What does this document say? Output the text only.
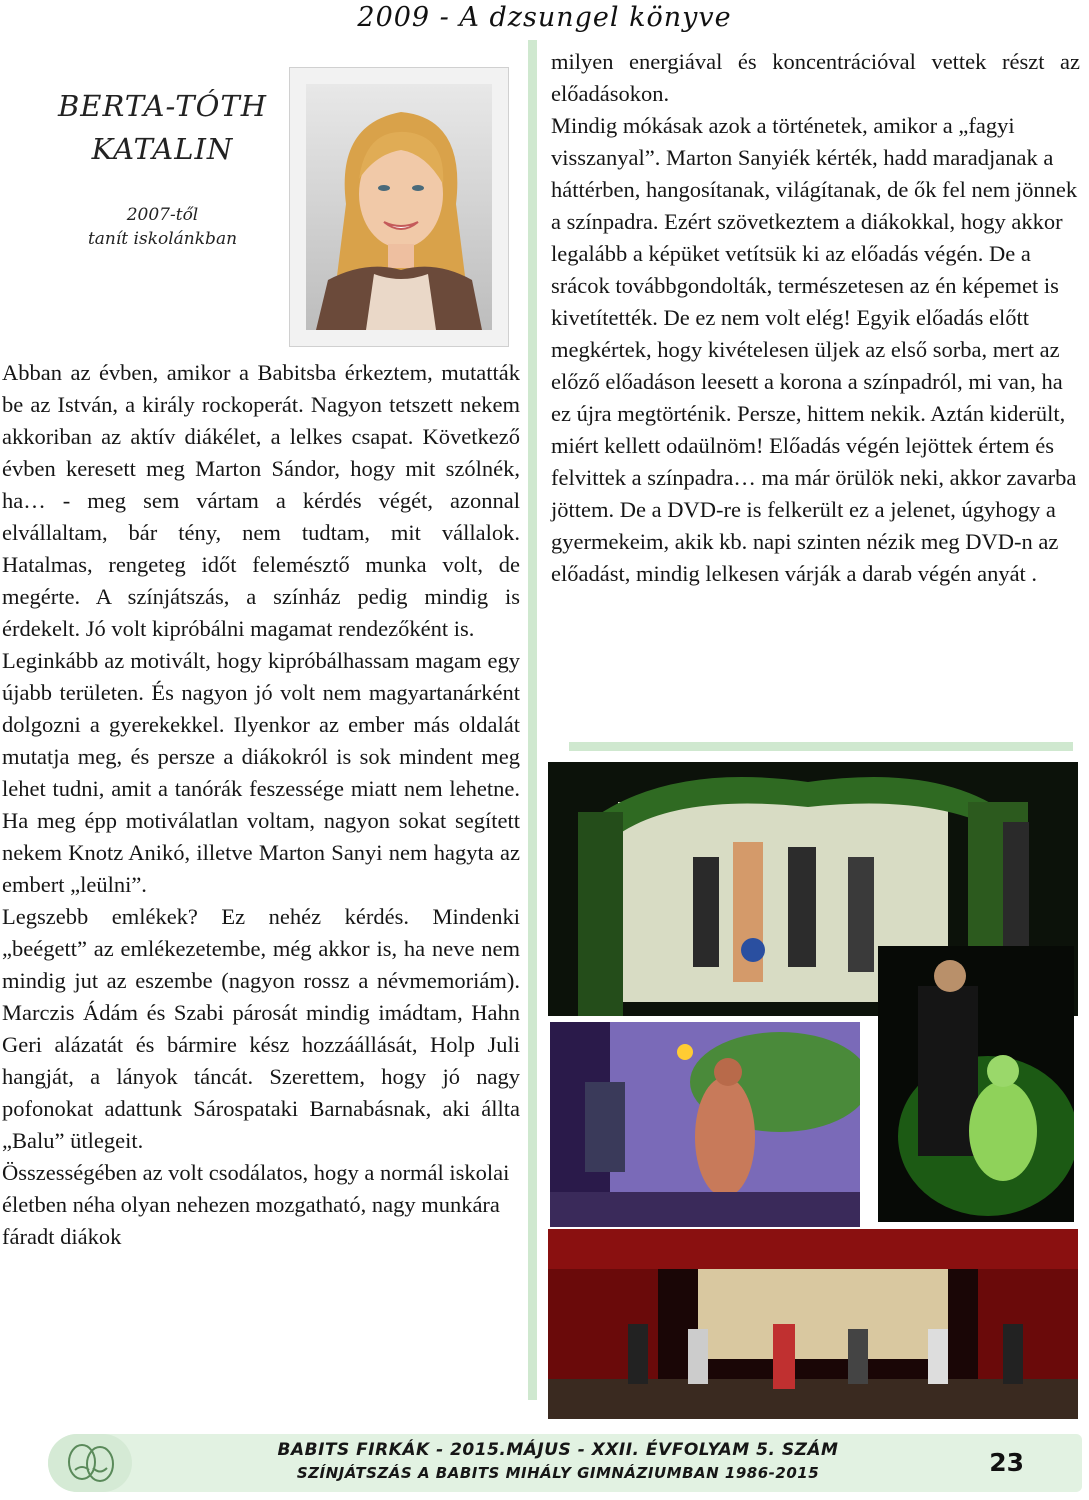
2009 - A dzsungel könyve
BERTA-TÓTH
KATALIN
2007-től
tanít iskolánkban

Abban az évben, amikor a Babitsba érkeztem, mutatták be az István, a király rockoperát. Nagyon tetszett nekem akkoriban az aktív diákélet, a lelkes csapat. Következő évben keresett meg Marton Sándor, hogy mit szólnék, ha… - meg sem vártam a kérdés végét, azonnal elvállaltam, bár tény, nem tudtam, mit vállalok. Hatalmas, rengeteg időt felemésztő munka volt, de megérte. A színjátszás, a színház pedig mindig is érdekelt. Jó volt kipróbálni magamat rendezőként is.

Leginkább az motivált, hogy kipróbálhassam magam egy újabb területen. És nagyon jó volt nem magyartanárként dolgozni a gyerekekkel. Ilyenkor az ember más oldalát mutatja meg, és persze a diákokról is sok mindent meg lehet tudni, amit a tanórák feszessége miatt nem lehetne. Ha meg épp motiválatlan voltam, nagyon sokat segített nekem Knotz Anikó, illetve Marton Sanyi nem hagyta az embert „leülni”.

Legszebb emlékek? Ez nehéz kérdés. Mindenki „beégett” az emlékezetembe, még akkor is, ha neve nem mindig jut az eszembe (nagyon rossz a névmemoriám). Marczis Ádám és Szabi párosát mindig imádtam, Hahn Geri alázatát és bármire kész hozzáállását, Holp Juli hangját, a lányok táncát. Szerettem, hogy jó nagy pofonokat adattunk Sárospataki Barnabásnak, aki állta „Balu” ütlegeit.

Összességében az volt csodálatos, hogy a normál iskolai életben néha olyan nehezen mozgatható, nagy munkára fáradt diákok

milyen energiával és koncentrációval vettek részt az előadásokon.

Mindig mókásak azok a történetek, amikor a „fagyi visszanyal”. Marton Sanyiék kérték, hadd maradjanak a háttérben, hangosítanak, világítanak, de ők fel nem jönnek a színpadra. Ezért szövetkeztem a diákokkal, hogy akkor legalább a képüket vetítsük ki az előadás végén. De a srácok továbbgondolták, természetesen az én képemet is kivetítették. De ez nem volt elég! Egyik előadás előtt megkértek, hogy kivételesen üljek az első sorba, mert az előző előadáson leesett a korona a színpadról, mi van, ha ez újra megtörténik. Persze, hittem nekik. Aztán kiderült, miért kellett odaülnöm! Előadás végén lejöttek értem és felvittek a színpadra… ma már örülök neki, akkor zavarba jöttem. De a DVD-re is felkerült ez a jelenet, úgyhogy a gyermekeim, akik kb. napi szinten nézik meg DVD-n az előadást, mindig lelkesen várják a darab végén anyát .

BABITS FIRKÁK - 2015.MÁJUS - XXII. ÉVFOLYAM 5. SZÁM
SZÍNJÁTSZÁS A BABITS MIHÁLY GIMNÁZIUMBAN 1986-2015	23
